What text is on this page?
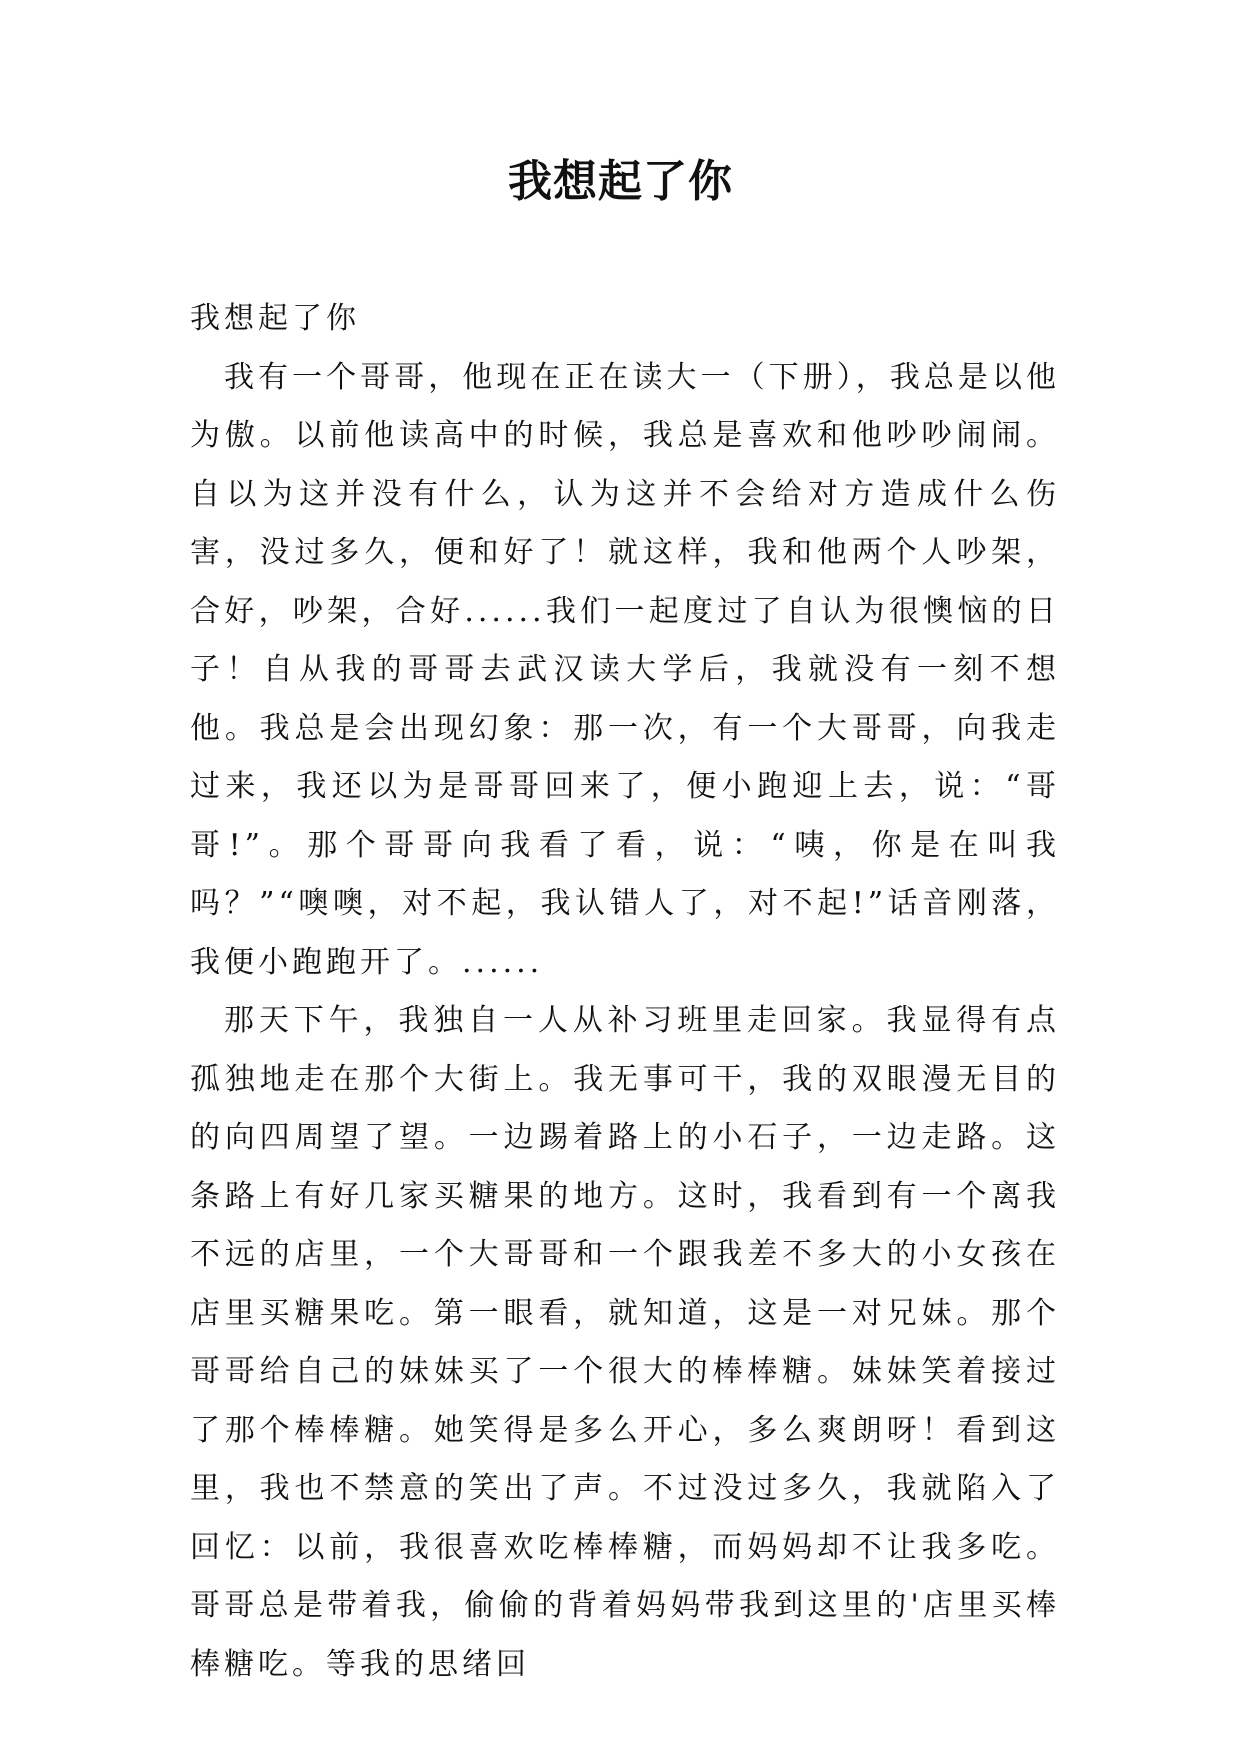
我想起了你

我想起了你

我有一个哥哥，他现在正在读大一（下册），我总是以他为傲。以前他读高中的时候，我总是喜欢和他吵吵闹闹。自以为这并没有什么，认为这并不会给对方造成什么伤害，没过多久，便和好了！就这样，我和他两个人吵架，合好，吵架，合好......我们一起度过了自认为很懊恼的日子！自从我的哥哥去武汉读大学后，我就没有一刻不想他。我总是会出现幻象：那一次，有一个大哥哥，向我走过来，我还以为是哥哥回来了，便小跑迎上去，说：“哥哥!”。那个哥哥向我看了看，说：“咦，你是在叫我吗？”“噢噢，对不起，我认错人了，对不起!”话音刚落，我便小跑跑开了。......

那天下午，我独自一人从补习班里走回家。我显得有点孤独地走在那个大街上。我无事可干，我的双眼漫无目的的向四周望了望。一边踢着路上的小石子，一边走路。这条路上有好几家买糖果的地方。这时，我看到有一个离我不远的店里，一个大哥哥和一个跟我差不多大的小女孩在店里买糖果吃。第一眼看，就知道，这是一对兄妹。那个哥哥给自己的妹妹买了一个很大的棒棒糖。妹妹笑着接过了那个棒棒糖。她笑得是多么开心，多么爽朗呀！看到这里，我也不禁意的笑出了声。不过没过多久，我就陷入了回忆：以前，我很喜欢吃棒棒糖，而妈妈却不让我多吃。哥哥总是带着我，偷偷的背着妈妈带我到这里的'店里买棒棒糖吃。等我的思绪回
